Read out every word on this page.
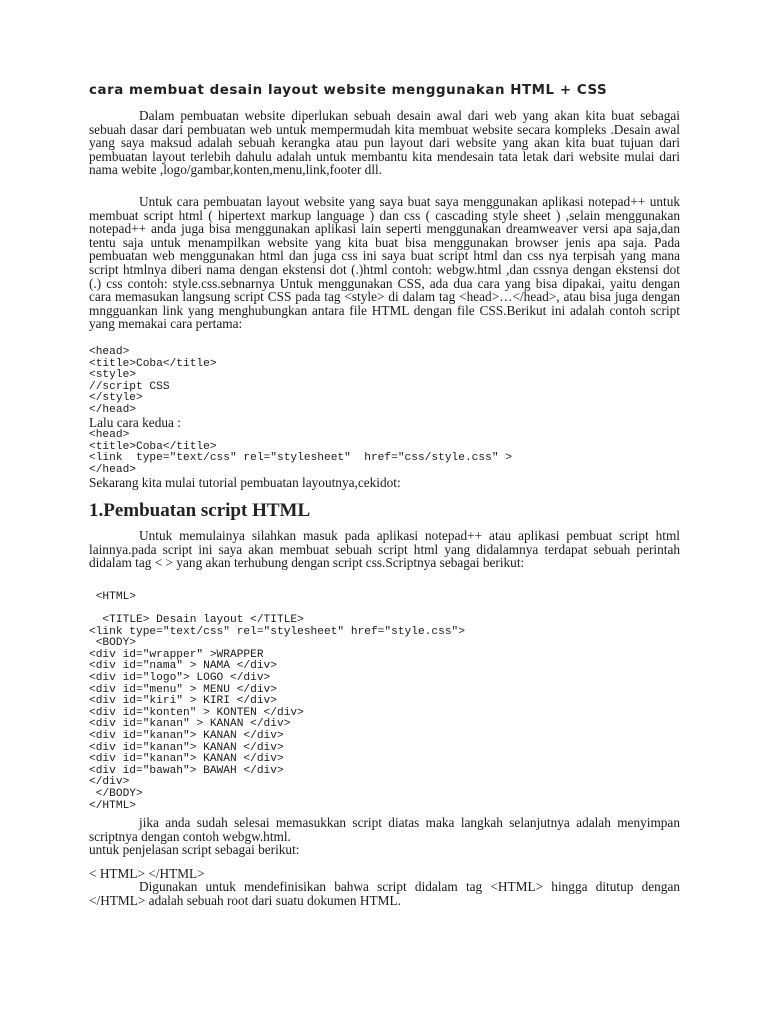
cara membuat desain layout website menggunakan HTML + CSS

Dalam pembuatan website diperlukan sebuah desain awal dari web yang akan kita buat sebagai sebuah dasar dari pembuatan web untuk mempermudah kita membuat website secara kompleks .Desain awal yang saya maksud adalah sebuah kerangka atau pun layout dari website yang akan kita buat tujuan dari pembuatan layout terlebih dahulu adalah untuk membantu kita mendesain tata letak dari website mulai dari nama webite ,logo/gambar,konten,menu,link,footer dll.

Untuk cara pembuatan layout website yang saya buat saya menggunakan aplikasi notepad++ untuk membuat script html ( hipertext markup language ) dan css ( cascading style sheet ) ,selain menggunakan notepad++ anda juga bisa menggunakan aplikasi lain seperti menggunakan dreamweaver versi apa saja,dan tentu saja untuk menampilkan website yang kita buat bisa menggunakan browser jenis apa saja. Pada pembuatan web menggunakan html dan juga css ini saya buat script html dan css nya terpisah yang mana script htmlnya diberi nama dengan ekstensi dot (.)html contoh: webgw.html ,dan cssnya dengan ekstensi dot (.) css contoh: style.css.sebnarnya Untuk menggunakan CSS, ada dua cara yang bisa dipakai, yaitu dengan cara memasukan langsung script CSS pada tag <style> di dalam tag <head>…</head>, atau bisa juga dengan mngguankan link yang menghubungkan antara file HTML dengan file CSS.Berikut ini adalah contoh script yang memakai cara pertama:

<head>
<title>Coba</title>
<style>
//script CSS
</style>
</head>
Lalu cara kedua :
<head>
<title>Coba</title>
<link  type="text/css" rel="stylesheet"  href="css/style.css" >
</head>
Sekarang kita mulai tutorial pembuatan layoutnya,cekidot:
1.Pembuatan script HTML

Untuk memulainya silahkan masuk pada aplikasi notepad++ atau aplikasi pembuat script html lainnya.pada script ini saya akan membuat sebuah script html yang didalamnya terdapat sebuah perintah didalam tag < > yang akan terhubung dengan script css.Scriptnya sebagai berikut:

<HTML>

<TITLE> Desain layout </TITLE>
<link type="text/css" rel="stylesheet" href="style.css">
<BODY>
<div id="wrapper" >WRAPPER
<div id="nama" > NAMA </div>
<div id="logo"> LOGO </div>
<div id="menu" > MENU </div>
<div id="kiri" > KIRI </div>
<div id="konten" > KONTEN </div>
<div id="kanan" > KANAN </div>
<div id="kanan"> KANAN </div>
<div id="kanan"> KANAN </div>
<div id="kanan"> KANAN </div>
<div id="bawah"> BAWAH </div>
</div>
</BODY>
</HTML>

jika anda sudah selesai memasukkan script diatas maka langkah selanjutnya adalah menyimpan scriptnya dengan contoh webgw.html.

untuk penjelasan script sebagai berikut:
< HTML> </HTML>

Digunakan untuk mendefinisikan bahwa script didalam tag <HTML> hingga ditutup dengan </HTML> adalah sebuah root dari suatu dokumen HTML.
